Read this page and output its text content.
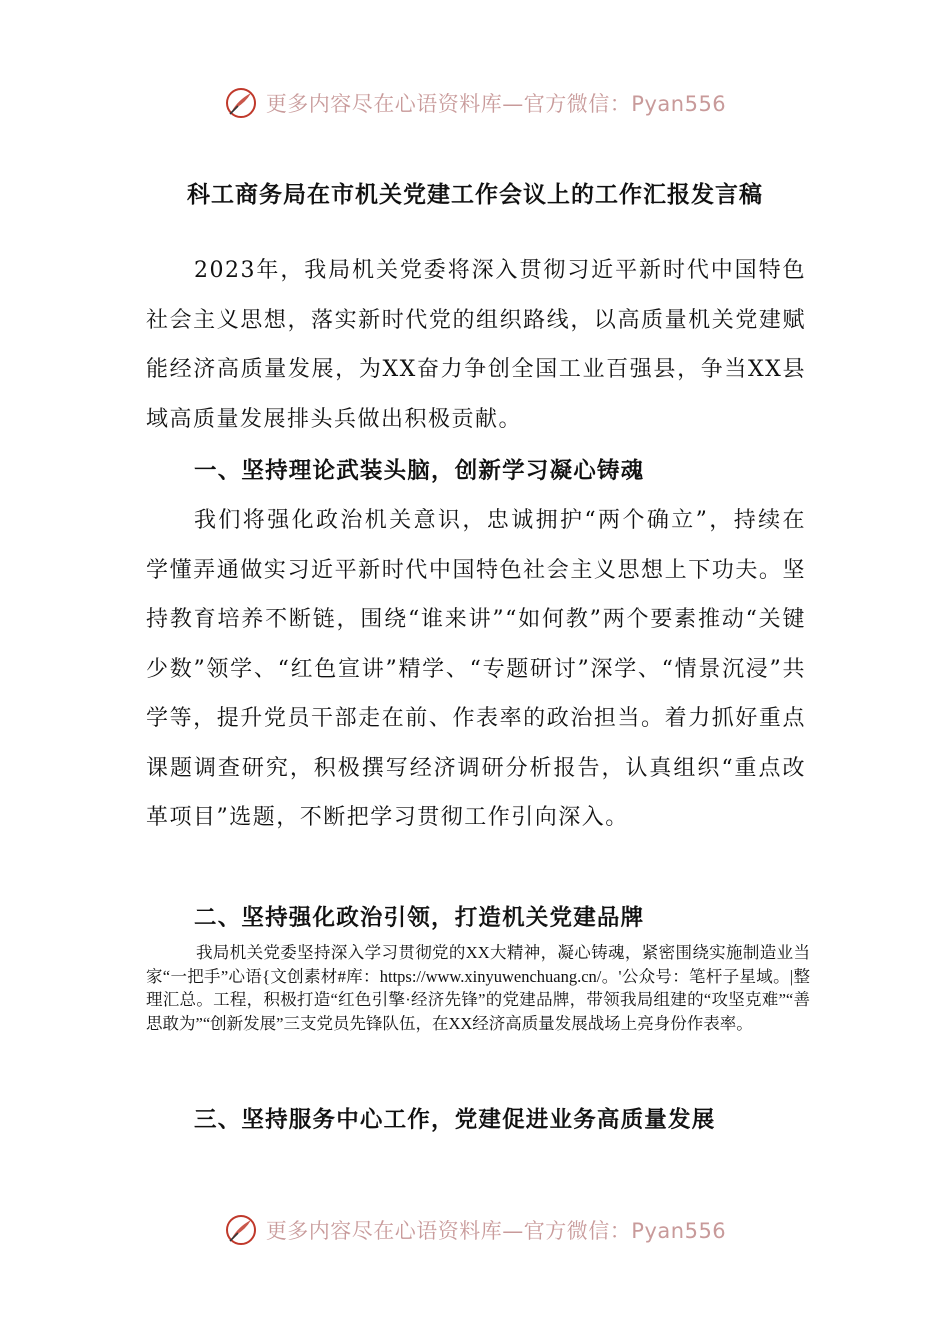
更多内容尽在心语资料库—官方微信：Pyan556
科工商务局在市机关党建工作会议上的工作汇报发言稿

2023年，我局机关党委将深入贯彻习近平新时代中国特色社会主义思想，落实新时代党的组织路线，以高质量机关党建赋能经济高质量发展，为XX奋力争创全国工业百强县，争当XX县域高质量发展排头兵做出积极贡献。

一、坚持理论武装头脑，创新学习凝心铸魂

我们将强化政治机关意识，忠诚拥护“两个确立”，持续在学懂弄通做实习近平新时代中国特色社会主义思想上下功夫。坚持教育培养不断链，围绕“谁来讲”“如何教”两个要素推动“关键少数”领学、“红色宣讲”精学、“专题研讨”深学、“情景沉浸”共学等，提升党员干部走在前、作表率的政治担当。着力抓好重点课题调查研究，积极撰写经济调研分析报告，认真组织“重点改革项目”选题，不断把学习贯彻工作引向深入。

二、坚持强化政治引领，打造机关党建品牌

我局机关党委坚持深入学习贯彻党的XX大精神，凝心铸魂，紧密围绕实施制造业当家“一把手”心语{文创素材#库：https://www.xinyuwenchuang.cn/。'公众号：笔杆子星域。|整理汇总。工程，积极打造“红色引擎·经济先锋”的党建品牌，带领我局组建的“攻坚克难”“善思敢为”“创新发展”三支党员先锋队伍，在XX经济高质量发展战场上亮身份作表率。

三、坚持服务中心工作，党建促进业务高质量发展
更多内容尽在心语资料库—官方微信：Pyan556
